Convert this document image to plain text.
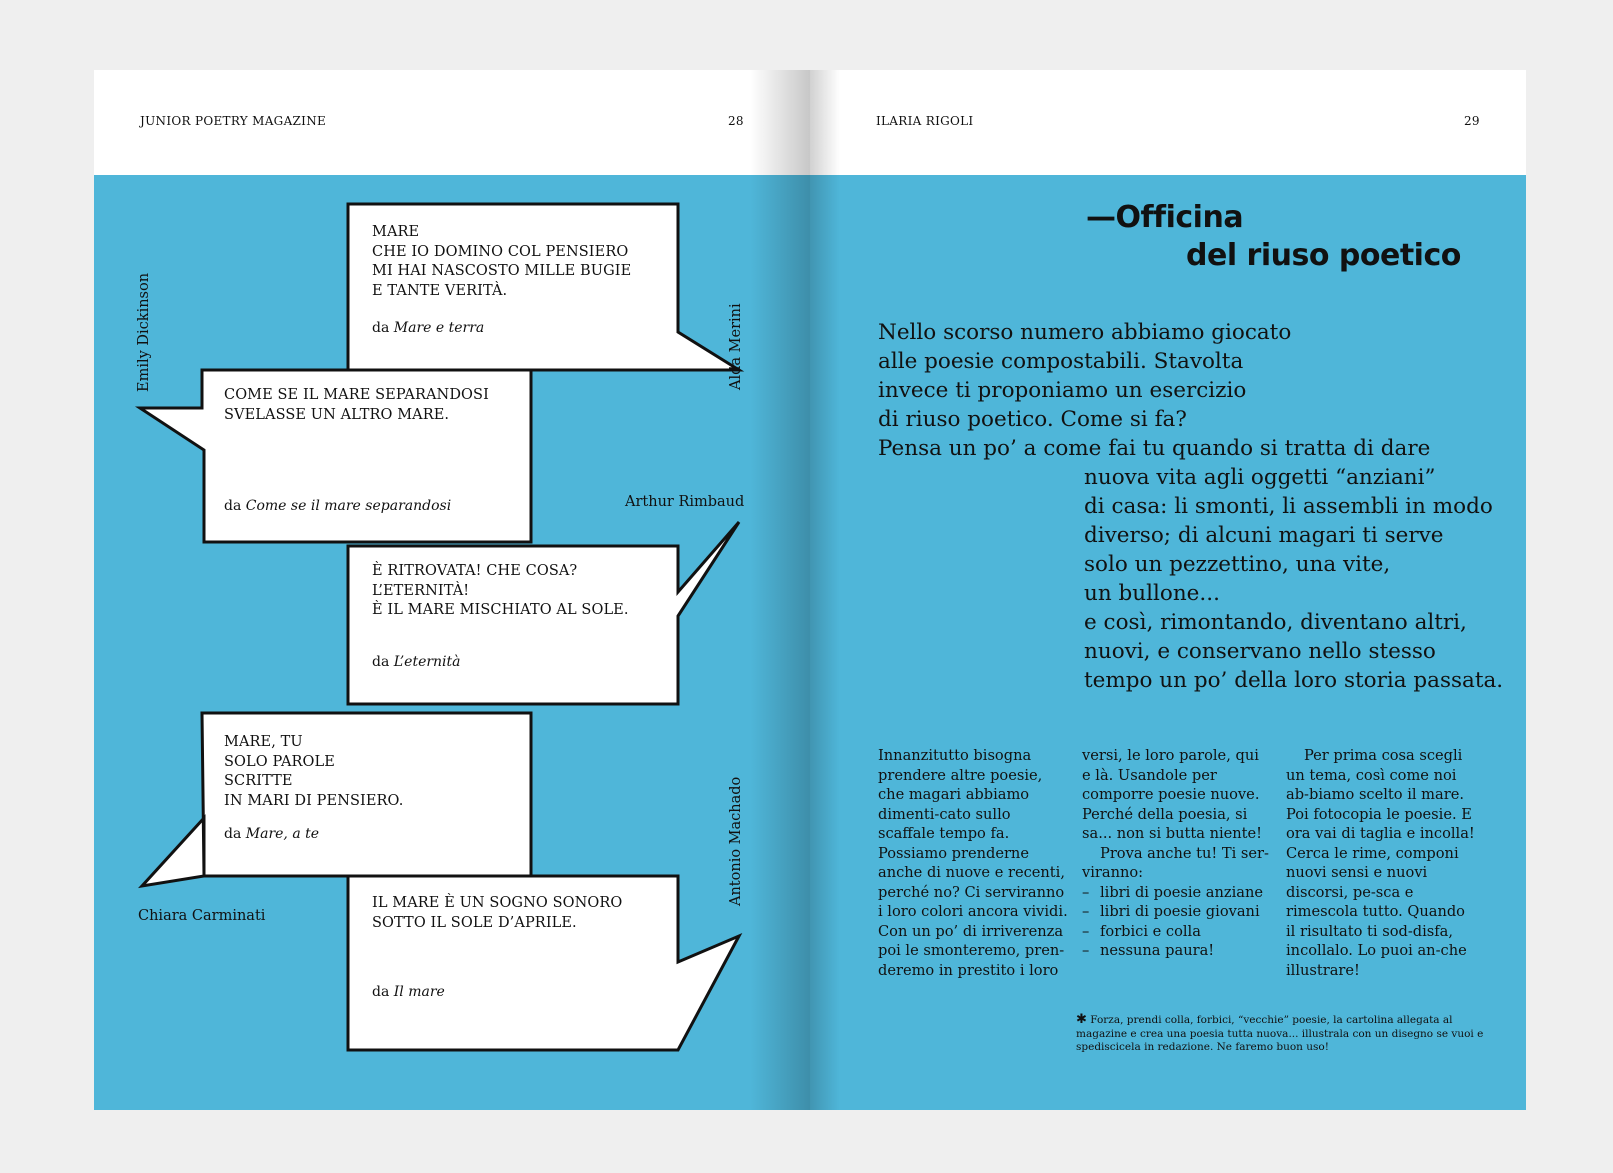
JUNIOR POETRY MAGAZINE	28
MARE
CHE IO DOMINO COL PENSIERO
MI HAI NASCOSTO MILLE BUGIE
E TANTE VERITÀ.
da Mare e terra
COME SE IL MARE SEPARANDOSI
SVELASSE UN ALTRO MARE.
da Come se il mare separandosi
È RITROVATA! CHE COSA?
L’ETERNITÀ!
È IL MARE MISCHIATO AL SOLE.
da L’eternità
MARE, TU
SOLO PAROLE
SCRITTE
IN MARI DI PENSIERO.
da Mare, a te
IL MARE È UN SOGNO SONORO
SOTTO IL SOLE D’APRILE.
da Il mare
Emily Dickinson	Alda Merini
Arthur Rimbaud
Antonio Machado
Chiara Carminati
ILARIA RIGOLI	29
—Officina
del riuso poetico
Nello scorso numero abbiamo giocato
alle poesie compostabili. Stavolta
invece ti proponiamo un esercizio
di riuso poetico. Come si fa?
Pensa un po’ a come fai tu quando si tratta di dare
nuova vita agli oggetti “anziani”
di casa: li smonti, li assembli in modo
diverso; di alcuni magari ti serve
solo un pezzettino, una vite,
un bullone...
e così, rimontando, diventano altri,
nuovi, e conservano nello stesso
tempo un po’ della loro storia passata.

Innanzitutto bisogna prendere altre poesie, che magari abbiamo dimenti-cato sullo scaffale tempo fa. Possiamo prenderne anche di nuove e recenti, perché no? Ci serviranno i loro colori ancora vividi. Con un po’ di irriverenza poi le smonteremo, pren-deremo in prestito i loro

versi, le loro parole, qui e là. Usandole per comporre poesie nuove. Perché della poesia, si sa... non si butta niente!

Prova anche tu! Ti ser-viranno:

– libri di poesie anziane
– libri di poesie giovani
– forbici e colla
– nessuna paura!

Per prima cosa scegli un tema, così come noi ab-biamo scelto il mare. Poi fotocopia le poesie. E ora vai di taglia e incolla! Cerca le rime, componi nuovi sensi e nuovi discorsi, pe-sca e rimescola tutto. Quando il risultato ti sod-disfa, incollalo. Lo puoi an-che illustrare!

✱ Forza, prendi colla, forbici, “vecchie” poesie, la cartolina allegata al magazine e crea una poesia tutta nuova... illustrala con un disegno se vuoi e spediscicela in redazione. Ne faremo buon uso!
